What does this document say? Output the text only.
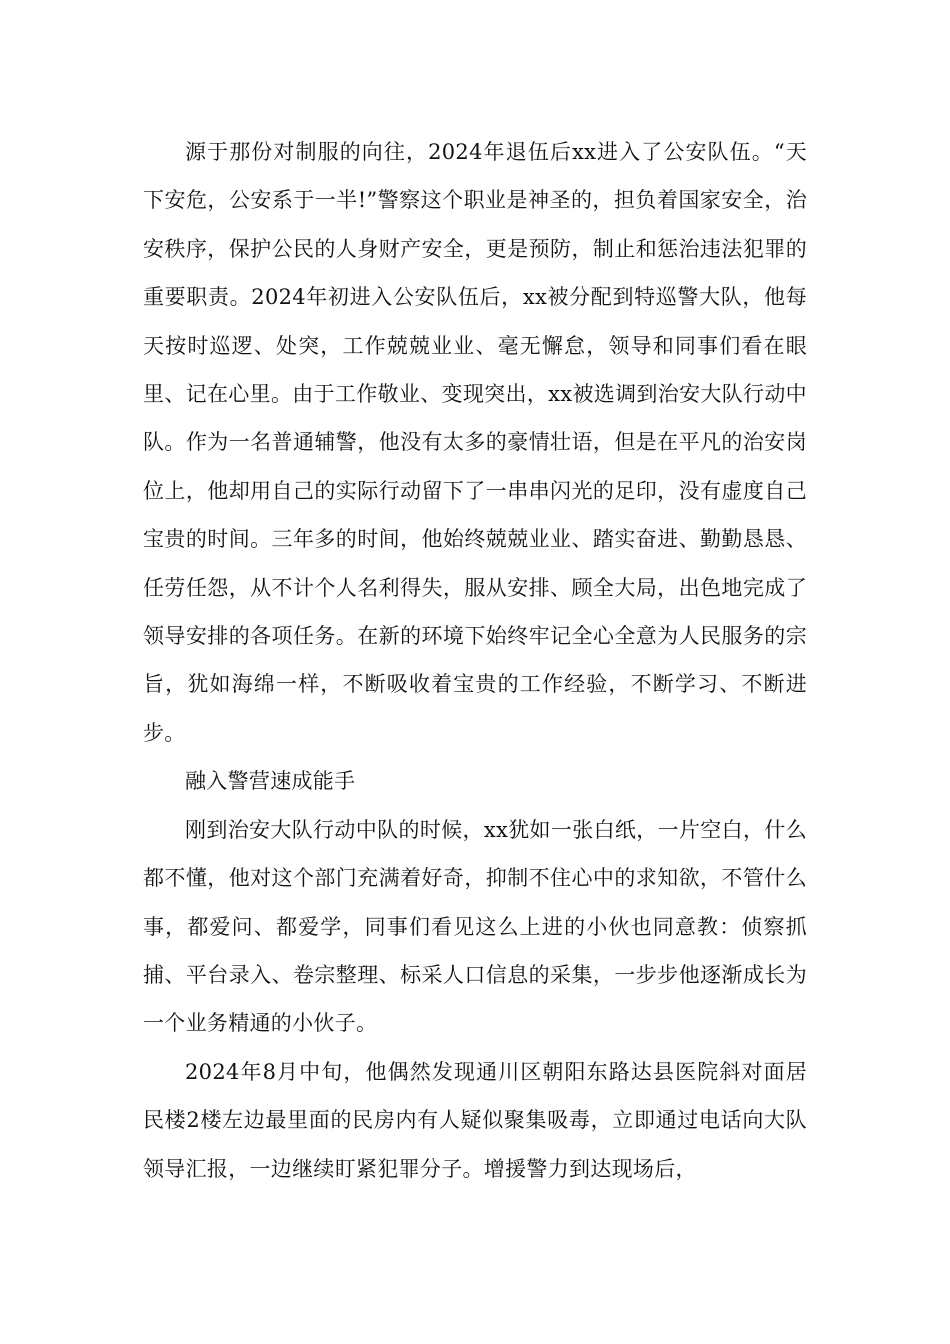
源于那份对制服的向往，2024年退伍后xx进入了公安队伍。“天下安危，公安系于一半!”警察这个职业是神圣的，担负着国家安全，治安秩序，保护公民的人身财产安全，更是预防，制止和惩治违法犯罪的重要职责。2024年初进入公安队伍后，xx被分配到特巡警大队，他每天按时巡逻、处突，工作兢兢业业、毫无懈怠，领导和同事们看在眼里、记在心里。由于工作敬业、变现突出，xx被选调到治安大队行动中队。作为一名普通辅警，他没有太多的豪情壮语，但是在平凡的治安岗位上，他却用自己的实际行动留下了一串串闪光的足印，没有虚度自己宝贵的时间。三年多的时间，他始终兢兢业业、踏实奋进、勤勤恳恳、任劳任怨，从不计个人名利得失，服从安排、顾全大局，出色地完成了领导安排的各项任务。在新的环境下始终牢记全心全意为人民服务的宗旨，犹如海绵一样，不断吸收着宝贵的工作经验，不断学习、不断进步。

融入警营速成能手

刚到治安大队行动中队的时候，xx犹如一张白纸，一片空白，什么都不懂，他对这个部门充满着好奇，抑制不住心中的求知欲，不管什么事，都爱问、都爱学，同事们看见这么上进的小伙也同意教：侦察抓捕、平台录入、卷宗整理、标采人口信息的采集，一步步他逐渐成长为一个业务精通的小伙子。

2024年8月中旬，他偶然发现通川区朝阳东路达县医院斜对面居民楼2楼左边最里面的民房内有人疑似聚集吸毒，立即通过电话向大队领导汇报，一边继续盯紧犯罪分子。增援警力到达现场后，
